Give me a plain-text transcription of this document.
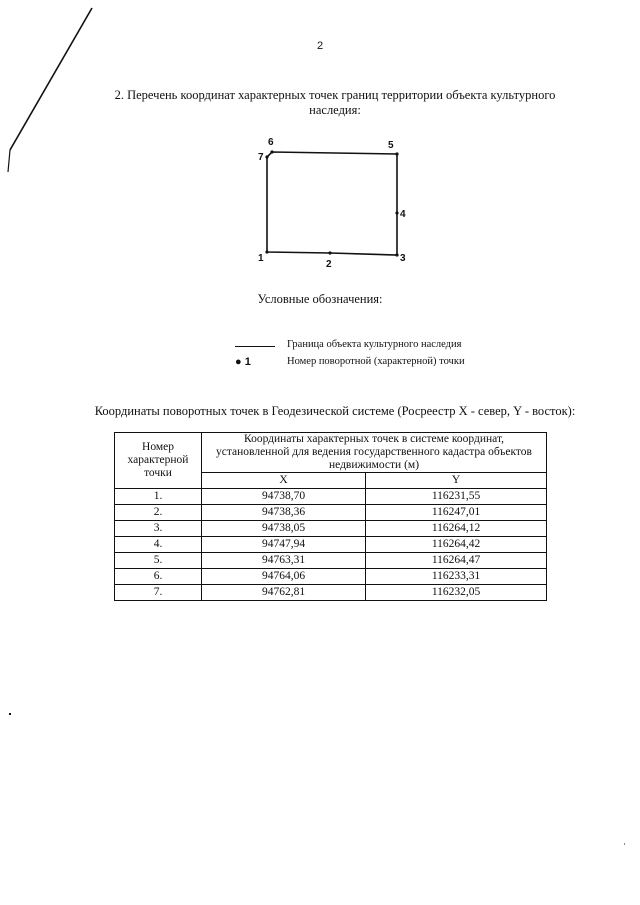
2
2. Перечень координат характерных точек границ территории объекта культурного наследия:
1
2
3
4
5
6
7
Условные обозначения:
Граница объекта культурного наследия
● 1	Номер поворотной (характерной) точки
Координаты поворотных точек в Геодезической системе (Росреестр X - север, Y - восток):
Номер характерной точки	Координаты характерных точек в системе координат, установленной для ведения государственного кадастра объектов недвижимости (м)	
	X	Y
1.	94738,70	116231,55
2.	94738,36	116247,01
3.	94738,05	116264,12
4.	94747,94	116264,42
5.	94763,31	116264,47
6.	94764,06	116233,31
7.	94762,81	116232,05
